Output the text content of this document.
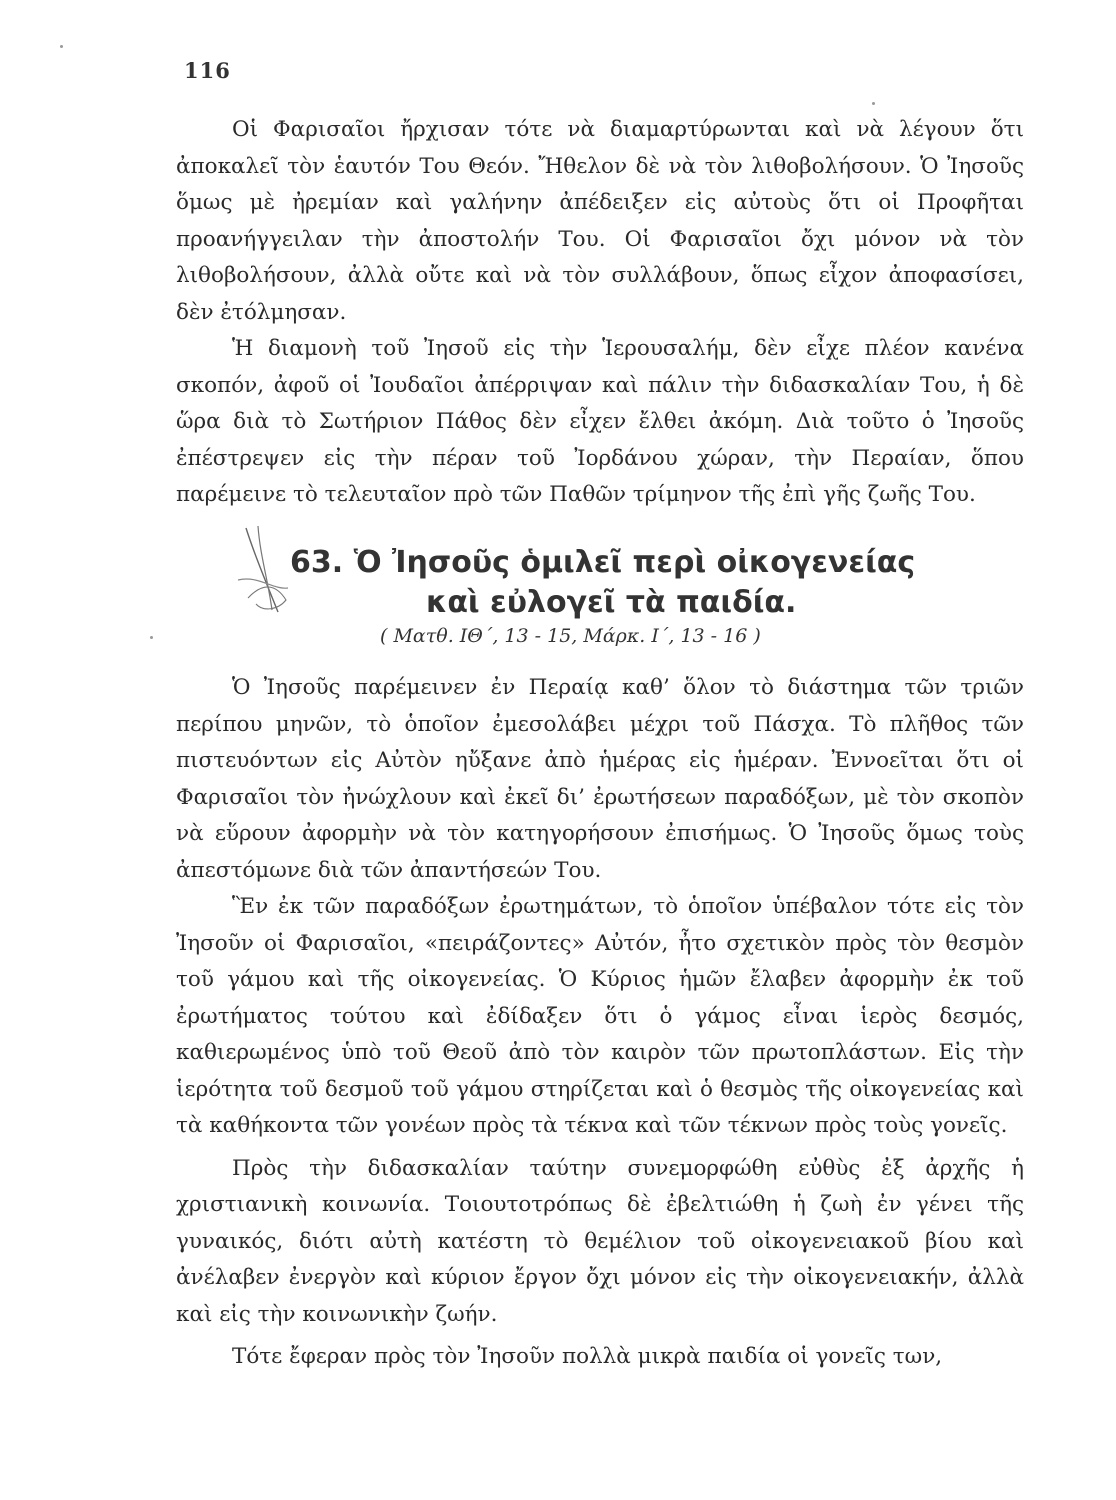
116

Οἱ Φαρισαῖοι ἤρχισαν τότε νὰ διαμαρτύρωνται καὶ νὰ λέγουν ὅτι ἀποκαλεῖ τὸν ἑαυτόν Του Θεόν. Ἤθελον δὲ νὰ τὸν λιθοβολήσουν. Ὁ Ἰησοῦς ὅμως μὲ ἠρεμίαν καὶ γαλήνην ἀπέδειξεν εἰς αὐτοὺς ὅτι οἱ Προφῆται προανήγγειλαν τὴν ἀποστολήν Του. Οἱ Φαρισαῖοι ὄχι μόνον νὰ τὸν λιθοβολήσουν, ἀλλὰ οὔτε καὶ νὰ τὸν συλλάβουν, ὅπως εἶχον ἀποφασίσει, δὲν ἐτόλμησαν.

Ἡ διαμονὴ τοῦ Ἰησοῦ εἰς τὴν Ἱερουσαλήμ, δὲν εἶχε πλέον κανένα σκοπόν, ἀφοῦ οἱ Ἰουδαῖοι ἀπέρριψαν καὶ πάλιν τὴν διδασκαλίαν Του, ἡ δὲ ὥρα διὰ τὸ Σωτήριον Πάθος δὲν εἶχεν ἔλθει ἀκόμη. Διὰ τοῦτο ὁ Ἰησοῦς ἐπέστρεψεν εἰς τὴν πέραν τοῦ Ἰορδάνου χώραν, τὴν Περαίαν, ὅπου παρέμεινε τὸ τελευταῖον πρὸ τῶν Παθῶν τρίμηνον τῆς ἐπὶ γῆς ζωῆς Του.

63. Ὁ Ἰησοῦς ὁμιλεῖ περὶ οἰκογενείας
καὶ εὐλογεῖ τὰ παιδία.
( Ματθ. ΙΘ΄, 13 - 15, Μάρκ. Ι΄, 13 - 16 )

Ὁ Ἰησοῦς παρέμεινεν ἐν Περαίᾳ καθ’ ὅλον τὸ διάστημα τῶν τριῶν περίπου μηνῶν, τὸ ὁποῖον ἐμεσολάβει μέχρι τοῦ Πάσχα. Τὸ πλῆθος τῶν πιστευόντων εἰς Αὐτὸν ηὔξανε ἀπὸ ἡμέρας εἰς ἡμέραν. Ἐννοεῖται ὅτι οἱ Φαρισαῖοι τὸν ἠνώχλουν καὶ ἐκεῖ δι’ ἐρωτήσεων παραδόξων, μὲ τὸν σκοπὸν νὰ εὕρουν ἀφορμὴν νὰ τὸν κατηγορήσουν ἐπισήμως. Ὁ Ἰησοῦς ὅμως τοὺς ἀπεστόμωνε διὰ τῶν ἀπαντήσεών Του.

Ἓν ἐκ τῶν παραδόξων ἐρωτημάτων, τὸ ὁποῖον ὑπέβαλον τότε εἰς τὸν Ἰησοῦν οἱ Φαρισαῖοι, «πειράζοντες» Αὐτόν, ἦτο σχετικὸν πρὸς τὸν θεσμὸν τοῦ γάμου καὶ τῆς οἰκογενείας. Ὁ Κύριος ἡμῶν ἔλαβεν ἀφορμὴν ἐκ τοῦ ἐρωτήματος τούτου καὶ ἐδίδαξεν ὅτι ὁ γάμος εἶναι ἱερὸς δεσμός, καθιερωμένος ὑπὸ τοῦ Θεοῦ ἀπὸ τὸν καιρὸν τῶν πρωτοπλάστων. Εἰς τὴν ἱερότητα τοῦ δεσμοῦ τοῦ γάμου στηρίζεται καὶ ὁ θεσμὸς τῆς οἰκογενείας καὶ τὰ καθήκοντα τῶν γονέων πρὸς τὰ τέκνα καὶ τῶν τέκνων πρὸς τοὺς γονεῖς.

Πρὸς τὴν διδασκαλίαν ταύτην συνεμορφώθη εὐθὺς ἐξ ἀρχῆς ἡ χριστιανικὴ κοινωνία. Τοιουτοτρόπως δὲ ἐβελτιώθη ἡ ζωὴ ἐν γένει τῆς γυναικός, διότι αὐτὴ κατέστη τὸ θεμέλιον τοῦ οἰκογενειακοῦ βίου καὶ ἀνέλαβεν ἐνεργὸν καὶ κύριον ἔργον ὄχι μόνον εἰς τὴν οἰκογενειακήν, ἀλλὰ καὶ εἰς τὴν κοινωνικὴν ζωήν.

Τότε ἔφεραν πρὸς τὸν Ἰησοῦν πολλὰ μικρὰ παιδία οἱ γονεῖς των,
